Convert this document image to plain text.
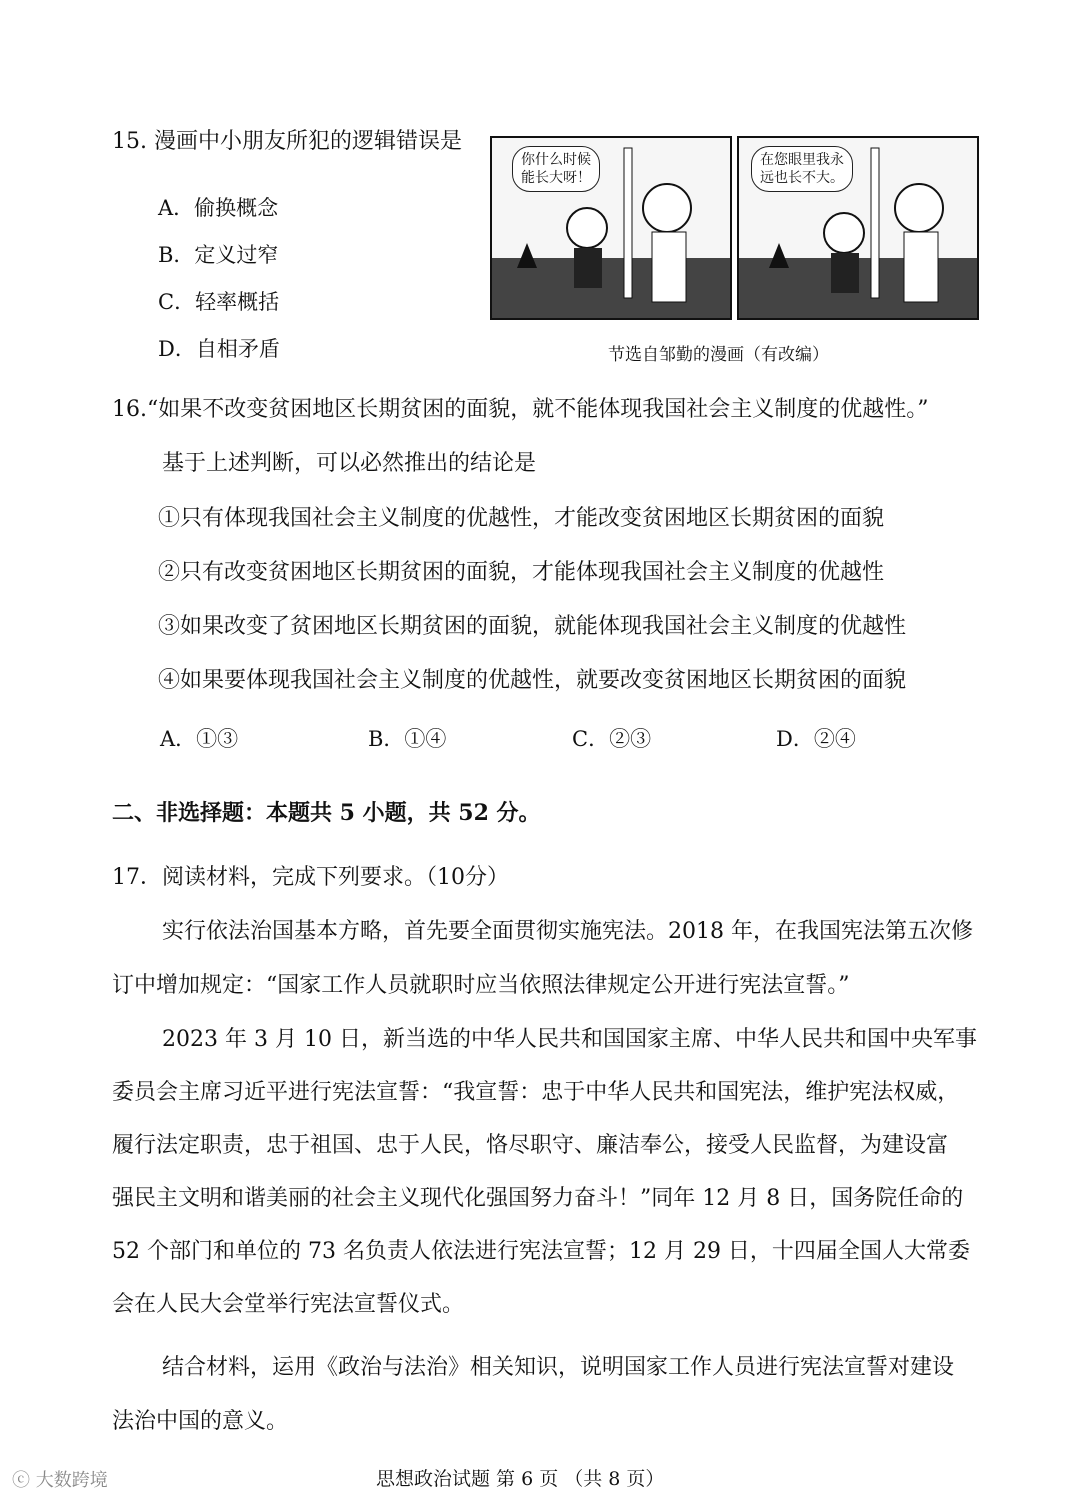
15. 漫画中小朋友所犯的逻辑错误是
A．偷换概念
B．定义过窄
C．轻率概括
D．自相矛盾
你什么时候
能长大呀！
在您眼里我永
远也长不大。
节选自邹勤的漫画（有改编）
16.“如果不改变贫困地区长期贫困的面貌，就不能体现我国社会主义制度的优越性。”
基于上述判断，可以必然推出的结论是
①只有体现我国社会主义制度的优越性，才能改变贫困地区长期贫困的面貌
②只有改变贫困地区长期贫困的面貌，才能体现我国社会主义制度的优越性
③如果改变了贫困地区长期贫困的面貌，就能体现我国社会主义制度的优越性
④如果要体现我国社会主义制度的优越性，就要改变贫困地区长期贫困的面貌
A．①③	B．①④	C．②③	D．②④
二、非选择题：本题共 5 小题，共 52 分。
17．阅读材料，完成下列要求。（10分）
实行依法治国基本方略，首先要全面贯彻实施宪法。2018 年，在我国宪法第五次修
订中增加规定：“国家工作人员就职时应当依照法律规定公开进行宪法宣誓。”
2023 年 3 月 10 日，新当选的中华人民共和国国家主席、中华人民共和国中央军事
委员会主席习近平进行宪法宣誓：“我宣誓：忠于中华人民共和国宪法，维护宪法权威，
履行法定职责，忠于祖国、忠于人民，恪尽职守、廉洁奉公，接受人民监督，为建设富
强民主文明和谐美丽的社会主义现代化强国努力奋斗！”同年 12 月 8 日，国务院任命的
52 个部门和单位的 73 名负责人依法进行宪法宣誓；12 月 29 日，十四届全国人大常委
会在人民大会堂举行宪法宣誓仪式。
结合材料，运用《政治与法治》相关知识，说明国家工作人员进行宪法宣誓对建设
法治中国的意义。
思想政治试题 第 6 页 （共 8 页）
ⓒ 大数跨境
